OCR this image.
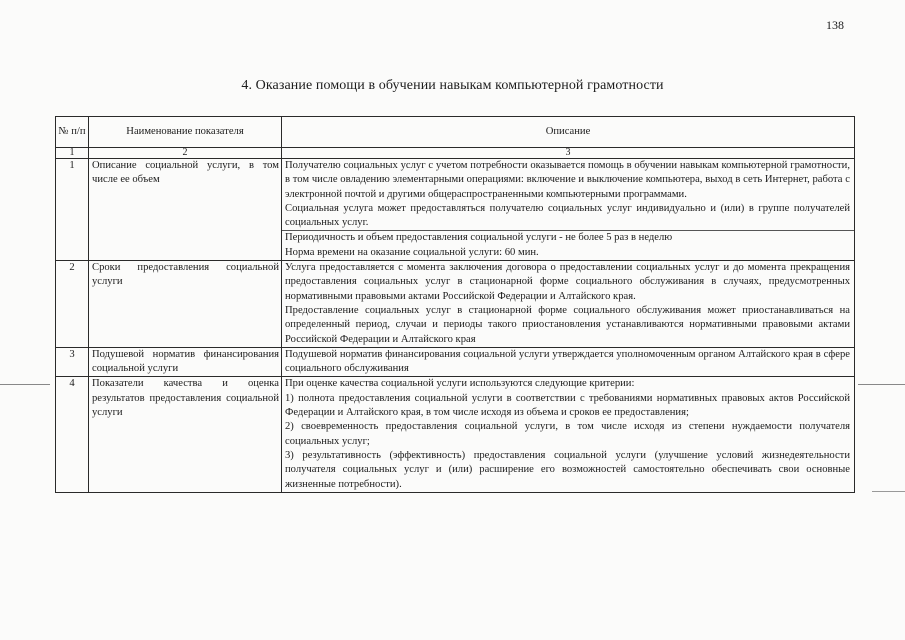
138
4. Оказание помощи в обучении навыкам компьютерной грамотности
№ п/п	Наименование показателя	Описание
1	2	3
1	Описание социальной услуги, в том числе ее объем	Получателю социальных услуг с учетом потребности оказывается помощь в обучении навыкам компьютерной грамотности, в том числе овладению элементарными операциями: включение и выключение компьютера, выход в сеть Интернет, работа с электронной почтой и другими общераспространенными компьютерными программами.
Социальная услуга может предоставляться получателю социальных услуг индивидуально и (или) в группе получателей социальных услуг.
Периодичность и объем предоставления социальной услуги - не более 5 раз в неделю
Норма времени на оказание социальной услуги: 60 мин.

2	Сроки предоставления социальной услуги	Услуга предоставляется с момента заключения договора о предоставлении социальных услуг и до момента прекращения предоставления социальных услуг в стационарной форме социального обслуживания в случаях, предусмотренных нормативными правовыми актами Российской Федерации и Алтайского края.
Предоставление социальных услуг в стационарной форме социального обслуживания может приостанавливаться на определенный период, случаи и периоды такого приостановления устанавливаются нормативными правовыми актами Российской Федерации и Алтайского края

3	Подушевой норматив финансирования социальной услуги	Подушевой норматив финансирования социальной услуги утверждается уполномоченным органом Алтайского края в сфере социального обслуживания

4	Показатели качества и оценка результатов предоставления социальной услуги	При оценке качества социальной услуги используются следующие критерии:
1) полнота предоставления социальной услуги в соответствии с требованиями нормативных правовых актов Российской Федерации и Алтайского края, в том числе исходя из объема и сроков ее предоставления;
2) своевременность предоставления социальной услуги, в том числе исходя из степени нуждаемости получателя социальных услуг;
3) результативность (эффективность) предоставления социальной услуги (улучшение условий жизнедеятельности получателя социальных услуг и (или) расширение его возможностей самостоятельно обеспечивать свои основные жизненные потребности).
